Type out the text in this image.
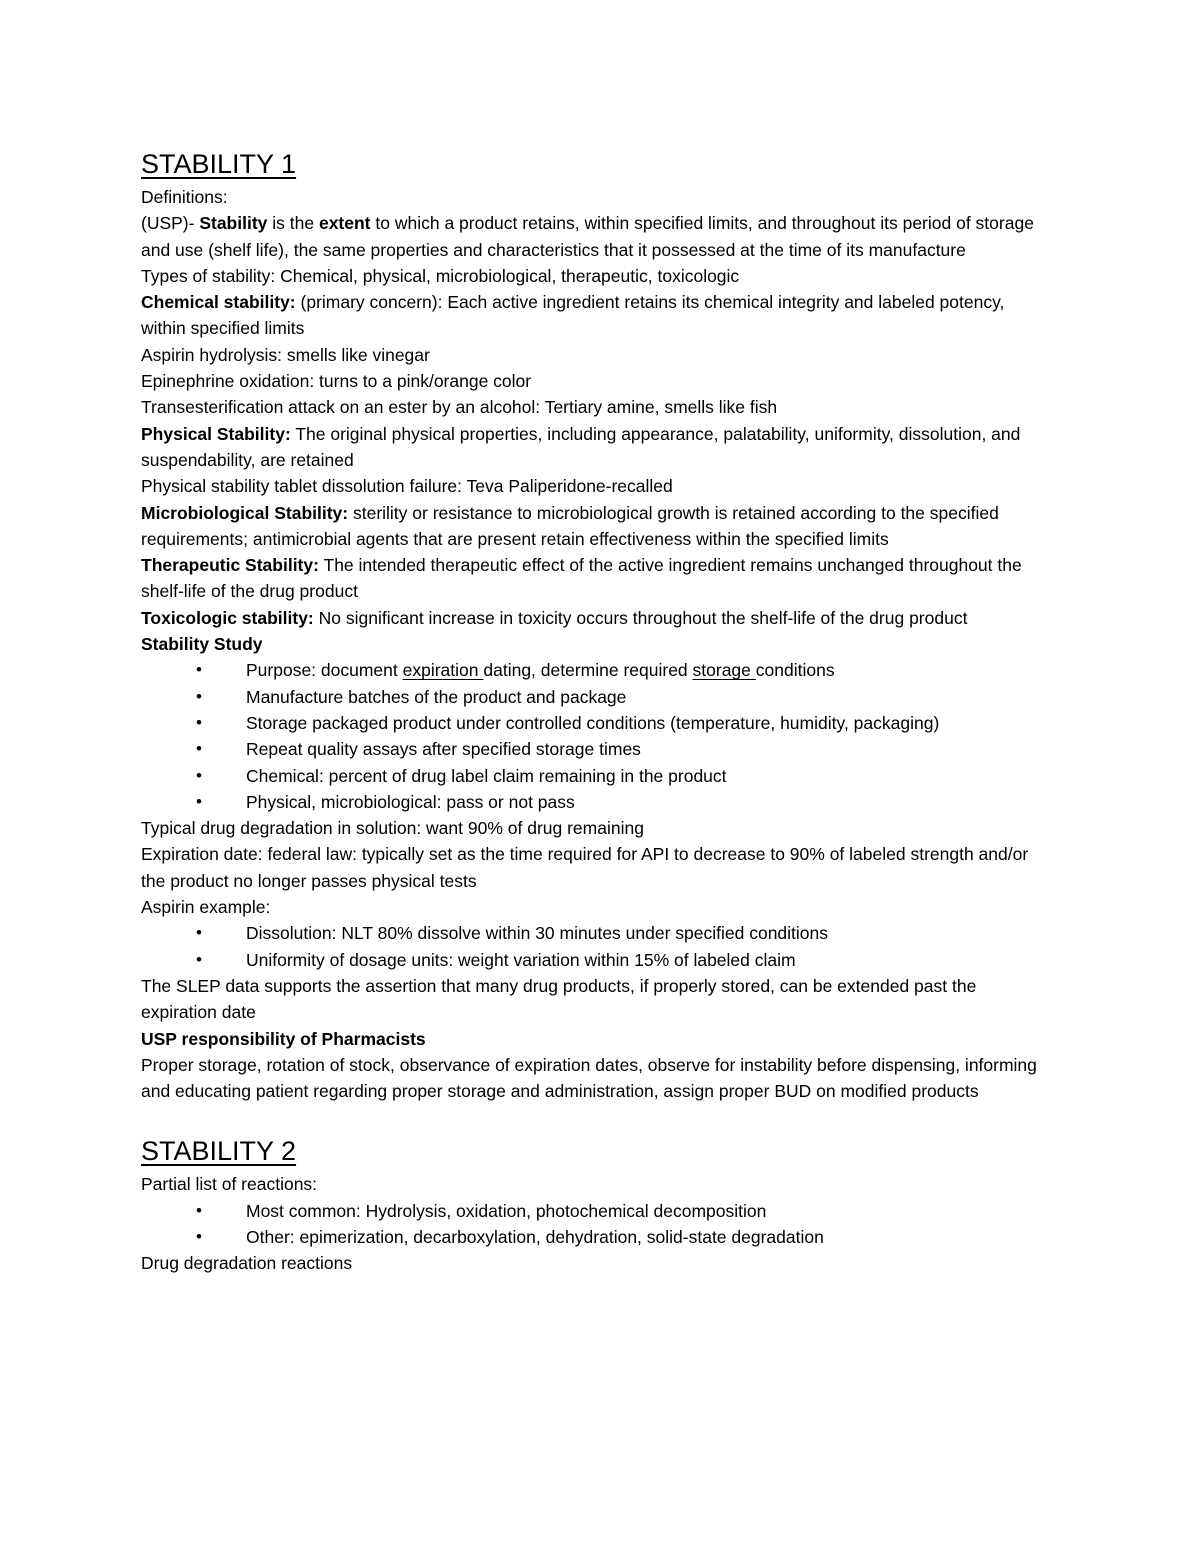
STABILITY 1

Definitions:

(USP)- Stability is the extent to which a product retains, within specified limits, and throughout its period of storage and use (shelf life), the same properties and characteristics that it possessed at the time of its manufacture

Types of stability: Chemical, physical, microbiological, therapeutic, toxicologic

Chemical stability: (primary concern): Each active ingredient retains its chemical integrity and labeled potency, within specified limits

Aspirin hydrolysis: smells like vinegar

Epinephrine oxidation: turns to a pink/orange color

Transesterification attack on an ester by an alcohol: Tertiary amine, smells like fish

Physical Stability: The original physical properties, including appearance, palatability, uniformity, dissolution, and suspendability, are retained

Physical stability tablet dissolution failure: Teva Paliperidone-recalled

Microbiological Stability: sterility or resistance to microbiological growth is retained according to the specified requirements; antimicrobial agents that are present retain effectiveness within the specified limits

Therapeutic Stability: The intended therapeutic effect of the active ingredient remains unchanged throughout the shelf-life of the drug product

Toxicologic stability: No significant increase in toxicity occurs throughout the shelf-life of the drug product

Stability Study

•	Purpose: document expiration dating, determine required storage conditions
•	Manufacture batches of the product and package
•	Storage packaged product under controlled conditions (temperature, humidity, packaging)
•	Repeat quality assays after specified storage times
•	Chemical: percent of drug label claim remaining in the product
•	Physical, microbiological: pass or not pass

Typical drug degradation in solution: want 90% of drug remaining

Expiration date: federal law: typically set as the time required for API to decrease to 90% of labeled strength and/or the product no longer passes physical tests

Aspirin example:

•	Dissolution: NLT 80% dissolve within 30 minutes under specified conditions
•	Uniformity of dosage units: weight variation within 15% of labeled claim

The SLEP data supports the assertion that many drug products, if properly stored, can be extended past the expiration date

USP responsibility of Pharmacists

Proper storage, rotation of stock, observance of expiration dates, observe for instability before dispensing, informing and educating patient regarding proper storage and administration, assign proper BUD on modified products

STABILITY 2

Partial list of reactions:

•	Most common: Hydrolysis, oxidation, photochemical decomposition
•	Other: epimerization, decarboxylation, dehydration, solid-state degradation

Drug degradation reactions
